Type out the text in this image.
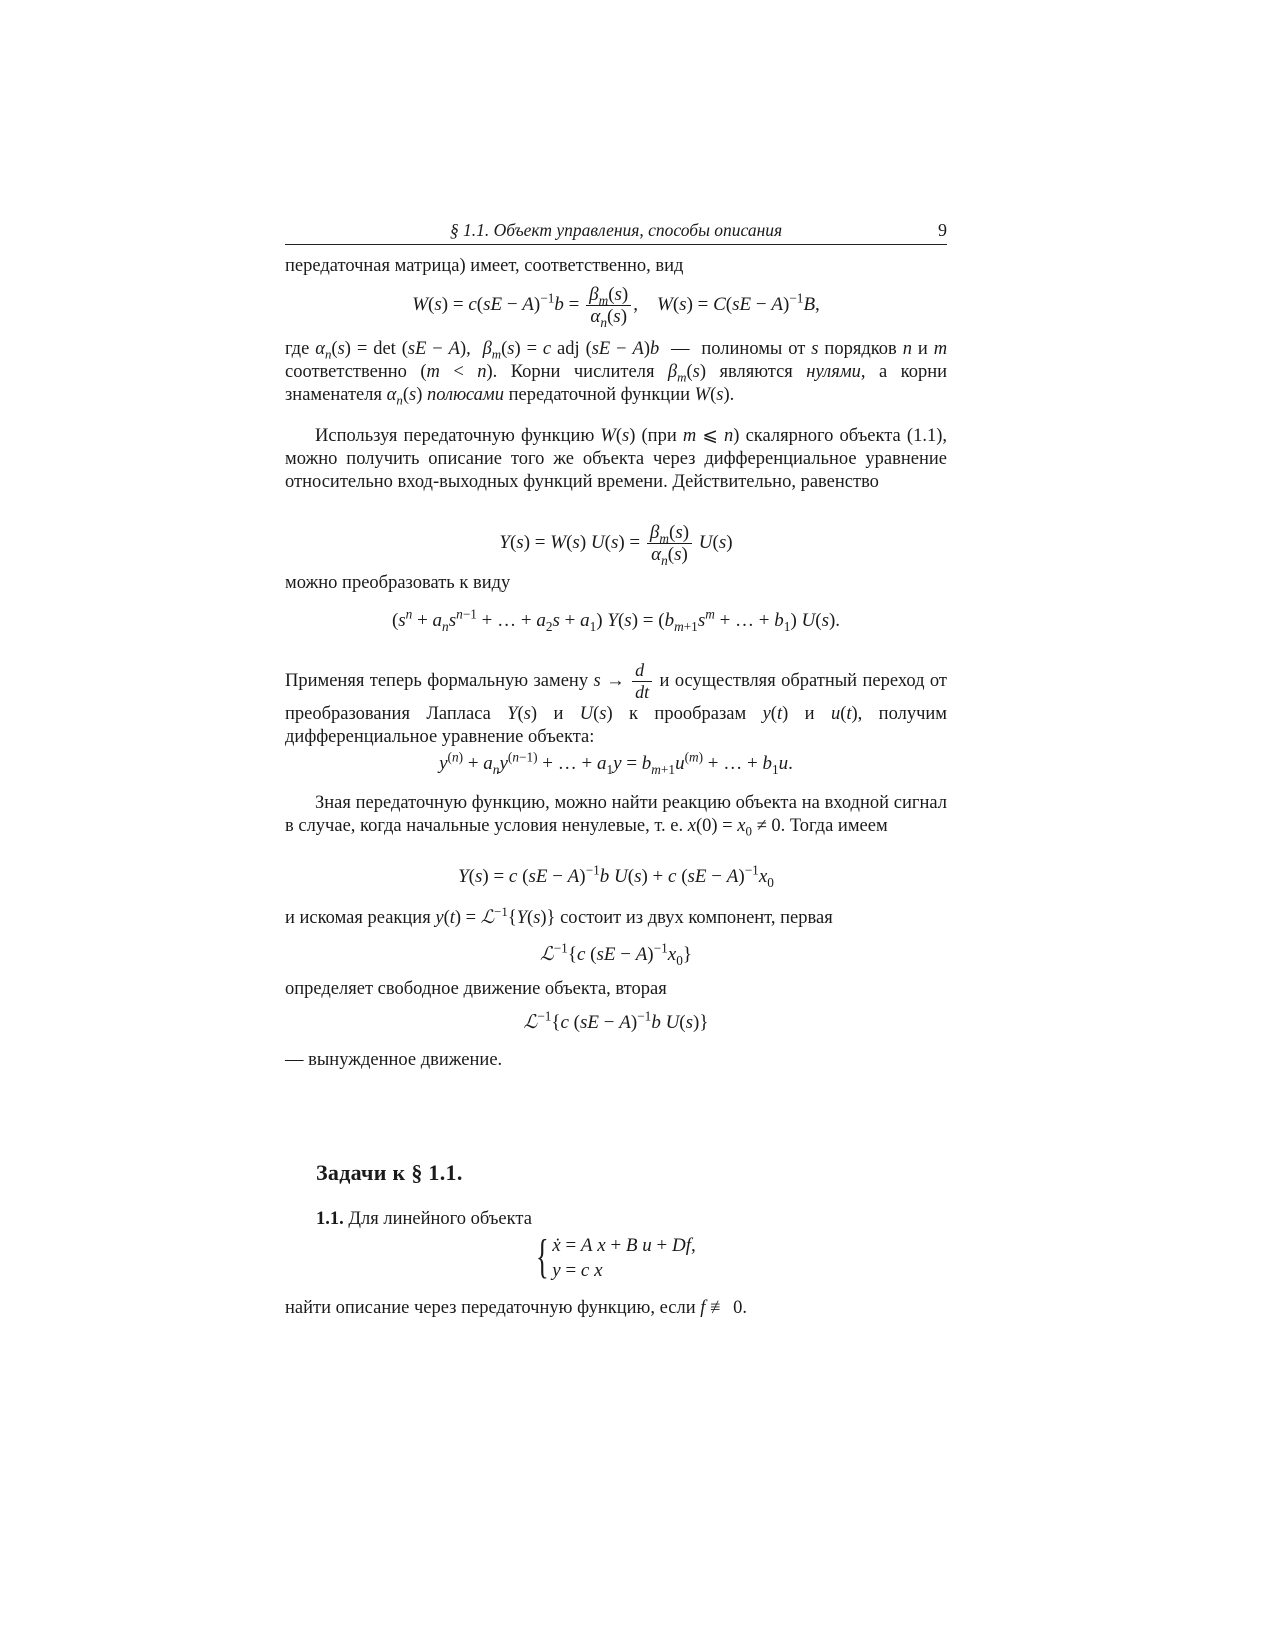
§ 1.1. Объект управления, способы описания	9
передаточная матрица) имеет, соответственно, вид
$W(s) = c(sE - A)^{-1}b = \frac{\beta_m(s)}{\alpha_n(s)}$ ,    W(s) = C(sE − A)$^{-1}$B,
где $\alpha_n(s) = \det (sE - A)$,  $\beta_m(s) = c$ adj (sE − A)b  —  полиномы от s порядков n и m соответственно (m < n). Корни числителя $\beta_m(s)$ являются нулями, а корни знаменателя $\alpha_n(s)$ полюсами передаточной функции W(s).
Используя передаточную функцию W(s) (при m ⩽ n) скалярного объекта (1.1), можно получить описание того же объекта через дифференциальное уравнение относительно вход-выходных функций времени. Действительно, равенство
Y(s) = W(s) $U(s) = \frac{\beta_m(s)}{\alpha_n(s)} U(s)$
можно преобразовать к виду
($s^n + a_ns^{n-1}$ + … + $a_2s + a_1$) $Y(s) = (b_{m+1}s^m$ + … + $b_1$) U(s).
Применяя теперь формальную замену $s \to \frac{d}{dt}$ и осуществляя обратный переход от преобразования Лапласа Y(s) и U(s) к прообразам y(t) и u(t), получим дифференциальное уравнение объекта:
$y^{(n)} + a_ny^{(n-1)}$ + … + $a_1y = b_{m+1}u^{(m)}$ + … + $b_1u$.
Зная передаточную функцию, можно найти реакцию объекта на входной сигнал в случае, когда начальные условия ненулевые, т. е. $x(0) = x_0 \ne 0$. Тогда имеем
Y(s) = c (sE − A)$^{-1}$b U(s) + c $(sE - A)^{-1}x_0$
и искомая реакция y(t) = ℒ$^{-1}${Y(s)} состоит из двух компонент, первая
ℒ$^{-1}${c $(sE - A)^{-1}x_0$}
определяет свободное движение объекта, вторая
ℒ$^{-1}${c (sE − A)$^{-1}$b U(s)}
— вынужденное движение.
Задачи к § 1.1.
1.1. Для линейного объекта
{ ẋ = A x + B u + Df,
y = c x
найти описание через передаточную функцию, если f ≢ 0.
